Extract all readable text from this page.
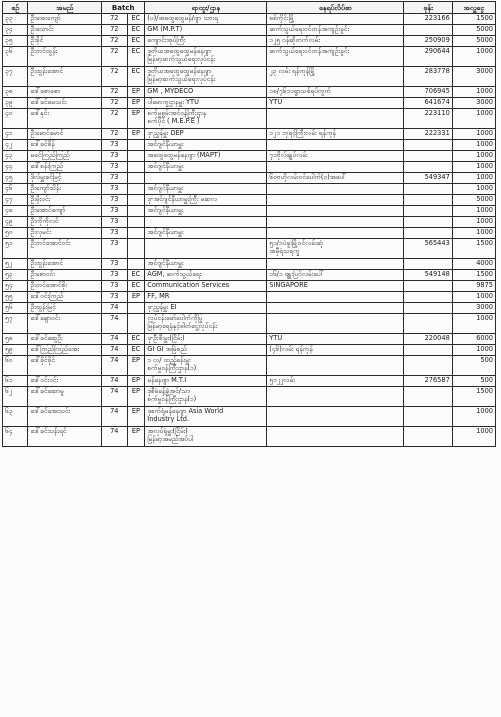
စဉ်	အမည်	Batch		ရာထူး/ဌာန	နေရပ်လိပ်စာ	ဖုန်း	အလှူငွေ

၃၃	ဦးအေးကျော်	72	EC	(ပ)/အထွေထွေမန်/ဂျာ သားရ	စစ်ကိုင်းမြို့	223166	1500

၃၄	ဦးသောင်း	72	EC	GM (M.P.T)	ဆက်သွယ်ရေးဝင်တန်အကျဉ်းခွင်း		5000

၃၅	ဦးခိုင်	72	EC	ကျောင်းအုပ်ကြီး	၁၂၅ ဝန်ဆိုတက်လမ်း	250909	5000

၃၆	ဦးတင်ထွန်း	72	EC	ဒုတိယအထွေထွေမန်နေဂျာ
မြန်မာ့ဆက်သွယ်ရေးလုပ်ငန်း	ဆက်သွယ်ရေးဝင်တန်အကျဉ်းခွင်း	290644	1000

၃၇	ဦးထွန်းအောင်	72	EC	ဒုတိယအထွေထွေမန်နေဂျာ
မြန်မာ့ဆက်သွယ်ရေးလုပ်ငန်း	၂၃ လမ်း ရန်ကုန်မြို့	283778	3000

၃၈	ဒေါ်စောစော	72	EP	GM , MYDECO	၁၈/၇၆၁၁ရွာသစ်ရပ်ကွက်	706945	1000

၃၉	ဒေါ်ခင်မေသင်း	72	EP	ပါမောက္ခဌာနမှူး YTU	YTU	641674	3000

၄၀	ဒေါ်နှင်း	72	EP	စက်မှုစွမ်းအင်ဝန်ကြီးဌာန
စက်ပိုင် ( M.E.P.E )		223110	1000

၄၁	ဦးမောင်မောင်	72	EP	ဒု-ညွှန်မှူး DEP	၁၂၁ ဘုရင့်ကြီးလမ်း ရန်ကုန်	222331	1000

၄၂	ဒေါ်ခင်စိန်	73		အင်ဂျင်နီယာမှူး			1000

၄၃	မခင်ကြည်ကြည်	73		အထွေထွေမန်နေဂျာ (MAPT)	၇၁ဗိုလ်ချုပ်လမ်း		1000

၄၄	ဒေါ်စန်းကြည်	73		အင်ဂျင်နီယာမှူး			1000

၄၅	ဒိုလ်မှူးခင်မြင့်	73			၆၀ဗဟိုလမ်းဝင်ပေါက်(၁)အပေါ်	549347	1000

၄၆	ဦးကျော်သိန်း	73		အင်ဂျင်နီယာမှူး			1000

၄၇	ဦးမိုးဝင်း	73		ဒု-အင်ဂျင်နီယာမှူးကြီး မဆလ			5000

၄၈	ဦးအောင်ကျော်	73		အင်ဂျင်နီယာမှူး			1000

၄၉	ဦးကိုကိုလင်	73					1000

၅၀	ဦးလှမင်း	73		အင်ဂျင်နီယာမှူး			1000

၅၁	ဦးတင်အောင်ဝင်း	73			၅၁/၁ပဲခူးမြို့ဝင်လမ်းဆုံ
အမှီရဲသရက္ခ	565443	1500

၅၂	ဦးထွန်းအောင်	73		အင်ဂျင်နီယာမှူး			4000

၅၃	ဦးစောဝင်း	73	EC	AGM, ဆက်သွယ်ရေး	၁၆/၁ ဗျူးပြင်လမ်းပေါ်	549148	1500

၅၄	ဦးတင်အောင်စိုး	73	EC	Communication Services	SINGAPORE		9875

၅၅	ဒေါ်ဝင်းကြည်	73	EP	FF, MR			1000

၅၆	ဦးထွန်းမြင့်	74		ဒု-ညွှန်မှူး EI			3000

၅၇	ဒေါ်ချောဝင်း	74		လုပ်ငန်းမော်ပေါက်ကိုပြု
မြန်မာ့ရေနံနှင့်ဓါတ်ငွေ့လုပ်ငန်း			1000

၅၈	ဒေါ်ခင်ဆွေဦး	74	EC	ဒု-ဦးစီးမှူး(ငြိမ်း)	YTU	220048	6000

၅၉	ဒေါ်ကြည်ကြည်အေး	74	EC	GI GI အမြဲစည်	(၄၆)လမ်း ရန်ကုန်		1000

၆၀	ဒေါ်ခိုင်ခိုင်	74	EP	၁ လ/ ထည့်ခန်းမှူး
စက်မှုဝန်ကြီးဌာန(၁)			500

၆၁	ဒေါ်ဝင်းဝင်း	74	EP	မန်နေဂျာ M.T.I	၅၁၂၂လမ်း	276587	500

၆၂	ဒေါ်ခင်ဆောမူ	74	EP	ဒုစီမံခန့်ခွဲအင်/သာ
စက်မှုဝန်ကြီးဌာန(၁)			1500

၆၃	ဒေါ်ခင်အေးသင်း	74	EP	ဒုစက်ရုံမန်နေဂျာ Asia World
Industry Ltd.			1000

၆၄	ဒေါ်ခင်သန်းရင်	74	EP	အလုပ်ရုံမှူး(ငြိမ်း)
မြန်မာ့အမည်အပ်ပါ			1000
